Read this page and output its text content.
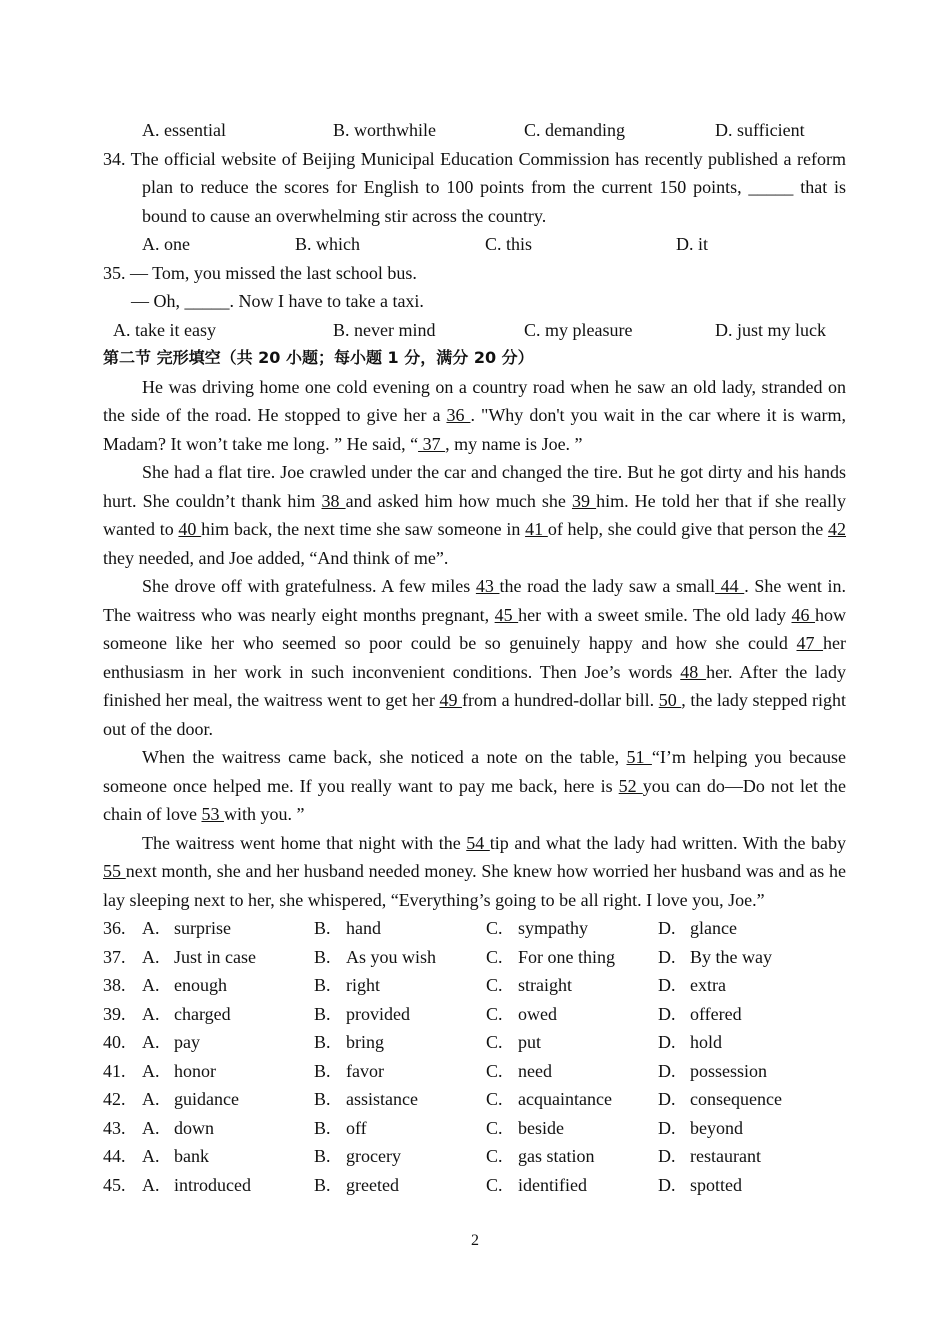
A. essential	B. worthwhile	C. demanding	D. sufficient

34. The official website of Beijing Municipal Education Commission has recently published a reform plan to reduce the scores for English to 100 points from the current 150 points, _____ that is bound to cause an overwhelming stir across the country.

A. one	B. which	C. this	D. it
35. — Tom, you missed the last school bus.
— Oh, _____. Now I have to take a taxi.
A. take it easy	B. never mind	C. my pleasure	D. just my luck
第二节 完形填空（共 20 小题；每小题 1 分，满分 20 分）

He was driving home one cold evening on a country road when he saw an old lady, stranded on the side of the road. He stopped to give her a 36 . "Why don't you wait in the car where it is warm, Madam? It won’t take me long. ” He said, “ 37 , my name is Joe. ”

She had a flat tire. Joe crawled under the car and changed the tire. But he got dirty and his hands hurt. She couldn’t thank him 38 and asked him how much she 39 him. He told her that if she really wanted to 40 him back, the next time she saw someone in 41 of help, she could give that person the 42 they needed, and Joe added, “And think of me”.

She drove off with gratefulness. A few miles 43 the road the lady saw a small 44 . She went in. The waitress who was nearly eight months pregnant, 45 her with a sweet smile. The old lady 46 how someone like her who seemed so poor could be so genuinely happy and how she could 47 her enthusiasm in her work in such inconvenient conditions. Then Joe’s words 48 her. After the lady finished her meal, the waitress went to get her 49 from a hundred-dollar bill. 50 , the lady stepped right out of the door.

When the waitress came back, she noticed a note on the table, 51 “I’m helping you because someone once helped me. If you really want to pay me back, here is 52 you can do—Do not let the chain of love 53 with you. ”

The waitress went home that night with the 54 tip and what the lady had written. With the baby 55 next month, she and her husband needed money. She knew how worried her husband was and as he lay sleeping next to her, she whispered, “Everything’s going to be all right. I love you, Joe.”

36. A. surprise	B. hand	C. sympathy	D. glance
37. A. Just in case	B. As you wish	C. For one thing D. By the way
38. A. enough	B. right	C. straight	D. extra
39. A. charged	B. provided	C. owed	D. offered
40. A. pay	B. bring	C. put	D. hold
41. A. honor	B. favor	C. need	D. possession
42. A. guidance	B. assistance	C. acquaintance	D. consequence
43. A. down	B. off	C. beside	D. beyond
44. A. bank	B. grocery	C. gas station	D. restaurant
45. A. introduced	B. greeted	C. identified	D. spotted
2
